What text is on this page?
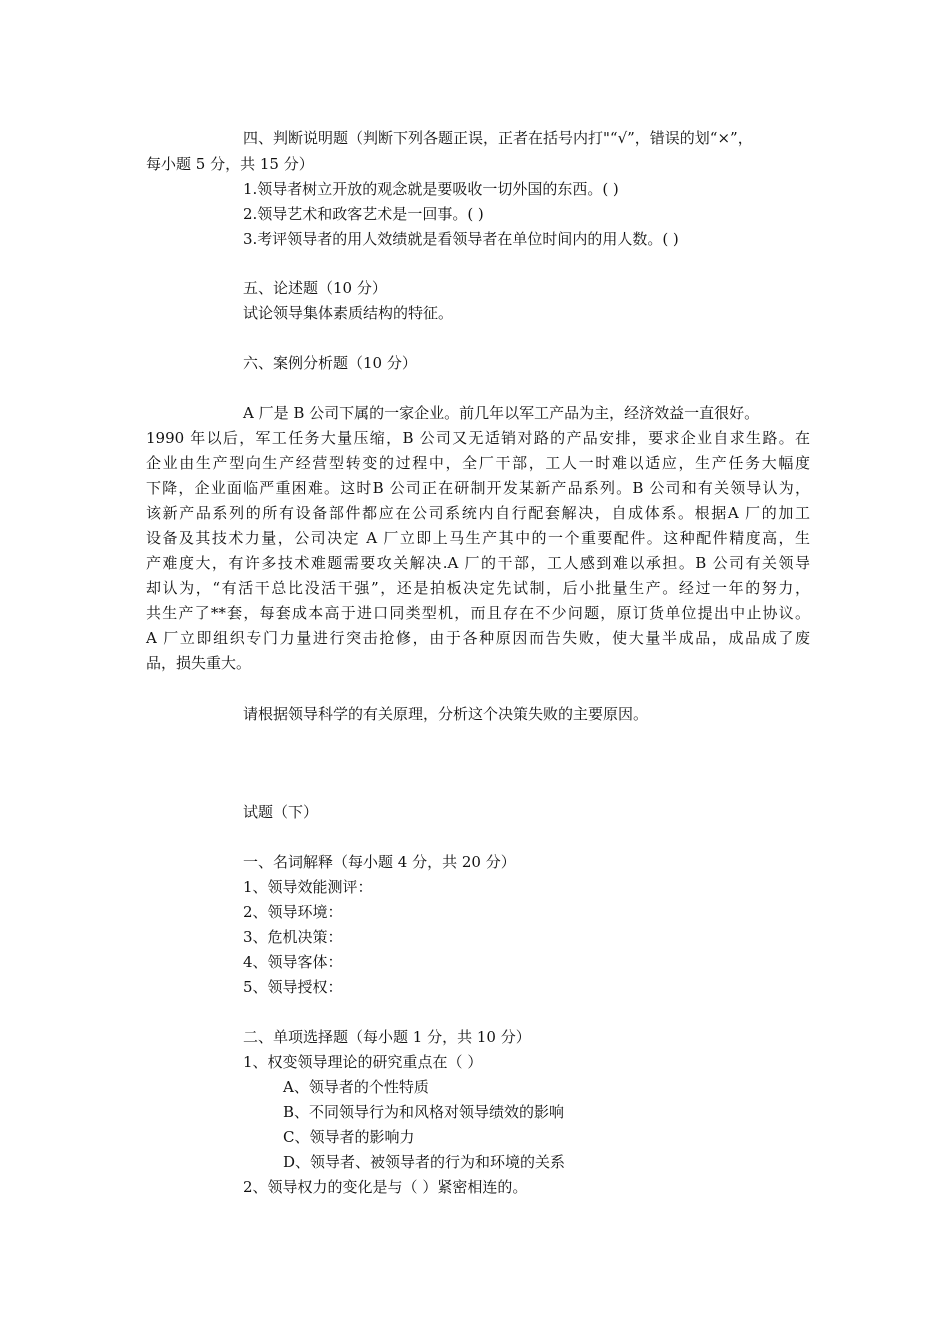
四、判断说明题（判断下列各题正误，正者在括号内打"“√”，错误的划“×”，
每小题 5 分，共 15 分）
1.领导者树立开放的观念就是要吸收一切外国的东西。( )
2.领导艺术和政客艺术是一回事。( )
3.考评领导者的用人效绩就是看领导者在单位时间内的用人数。( )
五、论述题（10 分）
试论领导集体素质结构的特征。
六、案例分析题（10 分）
A 厂是 B 公司下属的一家企业。前几年以军工产品为主，经济效益一直很好。
1990 年以后，军工任务大量压缩，B 公司又无适销对路的产品安排，要求企业自求生路。在
企业由生产型向生产经营型转变的过程中，全厂干部，工人一时难以适应，生产任务大幅度
下降，企业面临严重困难。这时B 公司正在研制开发某新产品系列。B 公司和有关领导认为，
该新产品系列的所有设备部件都应在公司系统内自行配套解决，自成体系。根据A 厂的加工
设备及其技术力量，公司决定 A 厂立即上马生产其中的一个重要配件。这种配件精度高，生
产难度大，有许多技术难题需要攻关解决.A 厂的干部，工人感到难以承担。B 公司有关领导
却认为，“有活干总比没活干强”，还是拍板决定先试制，后小批量生产。经过一年的努力，
共生产了**套，每套成本高于进口同类型机，而且存在不少问题，原订货单位提出中止协议。
A 厂立即组织专门力量进行突击抢修，由于各种原因而告失败，使大量半成品，成品成了废
品，损失重大。
请根据领导科学的有关原理，分析这个决策失败的主要原因。
试题（下）
一、名词解释（每小题 4 分，共 20 分）
1、领导效能测评：
2、领导环境：
3、危机决策：
4、领导客体：
5、领导授权：
二、单项选择题（每小题 1 分，共 10 分）
1、权变领导理论的研究重点在（ ）
A、领导者的个性特质
B、不同领导行为和风格对领导绩效的影响
C、领导者的影响力
D、领导者、被领导者的行为和环境的关系
2、领导权力的变化是与（ ）紧密相连的。
